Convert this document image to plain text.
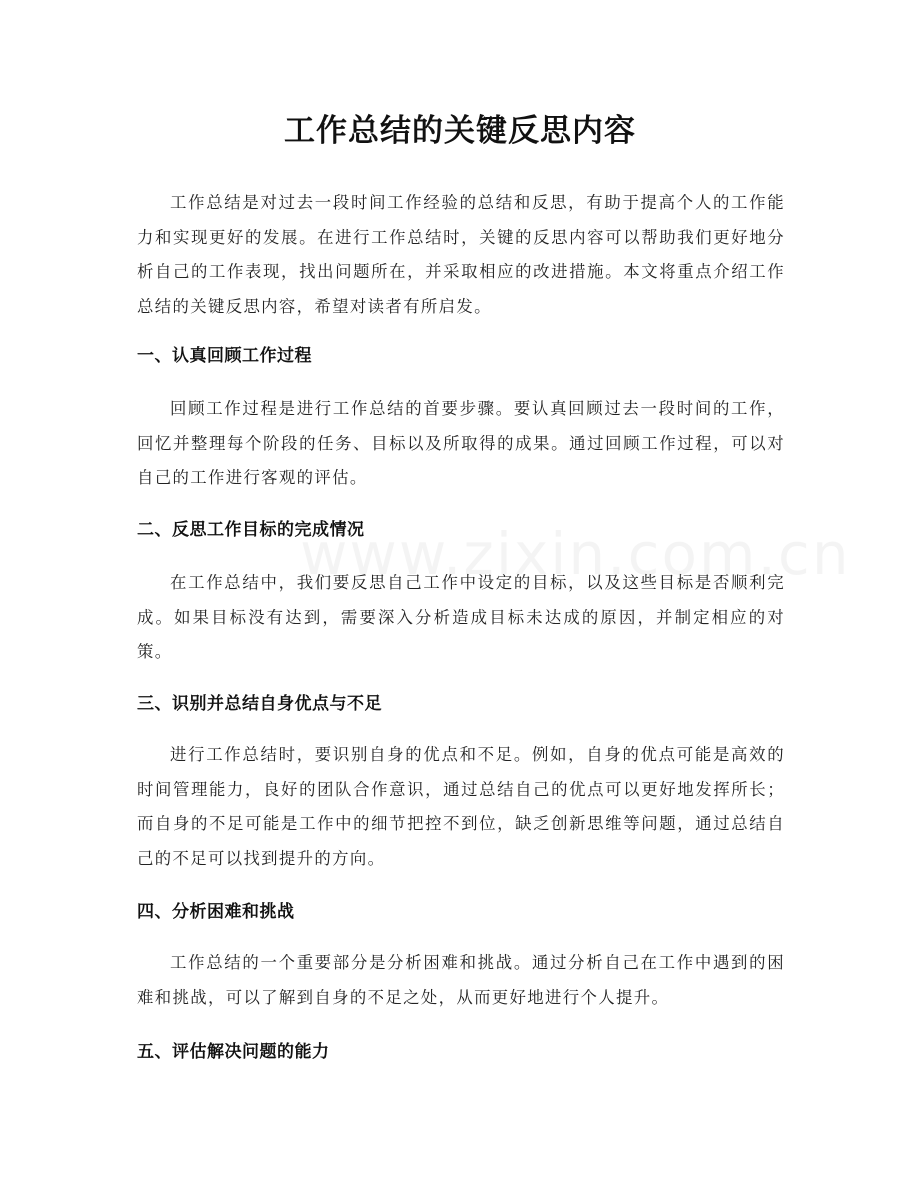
工作总结的关键反思内容

工作总结是对过去一段时间工作经验的总结和反思，有助于提高个人的工作能力和实现更好的发展。在进行工作总结时，关键的反思内容可以帮助我们更好地分析自己的工作表现，找出问题所在，并采取相应的改进措施。本文将重点介绍工作总结的关键反思内容，希望对读者有所启发。

一、认真回顾工作过程

回顾工作过程是进行工作总结的首要步骤。要认真回顾过去一段时间的工作，回忆并整理每个阶段的任务、目标以及所取得的成果。通过回顾工作过程，可以对自己的工作进行客观的评估。

二、反思工作目标的完成情况

在工作总结中，我们要反思自己工作中设定的目标，以及这些目标是否顺利完成。如果目标没有达到，需要深入分析造成目标未达成的原因，并制定相应的对策。

三、识别并总结自身优点与不足

进行工作总结时，要识别自身的优点和不足。例如，自身的优点可能是高效的时间管理能力，良好的团队合作意识，通过总结自己的优点可以更好地发挥所长；而自身的不足可能是工作中的细节把控不到位，缺乏创新思维等问题，通过总结自己的不足可以找到提升的方向。

四、分析困难和挑战

工作总结的一个重要部分是分析困难和挑战。通过分析自己在工作中遇到的困难和挑战，可以了解到自身的不足之处，从而更好地进行个人提升。

五、评估解决问题的能力
